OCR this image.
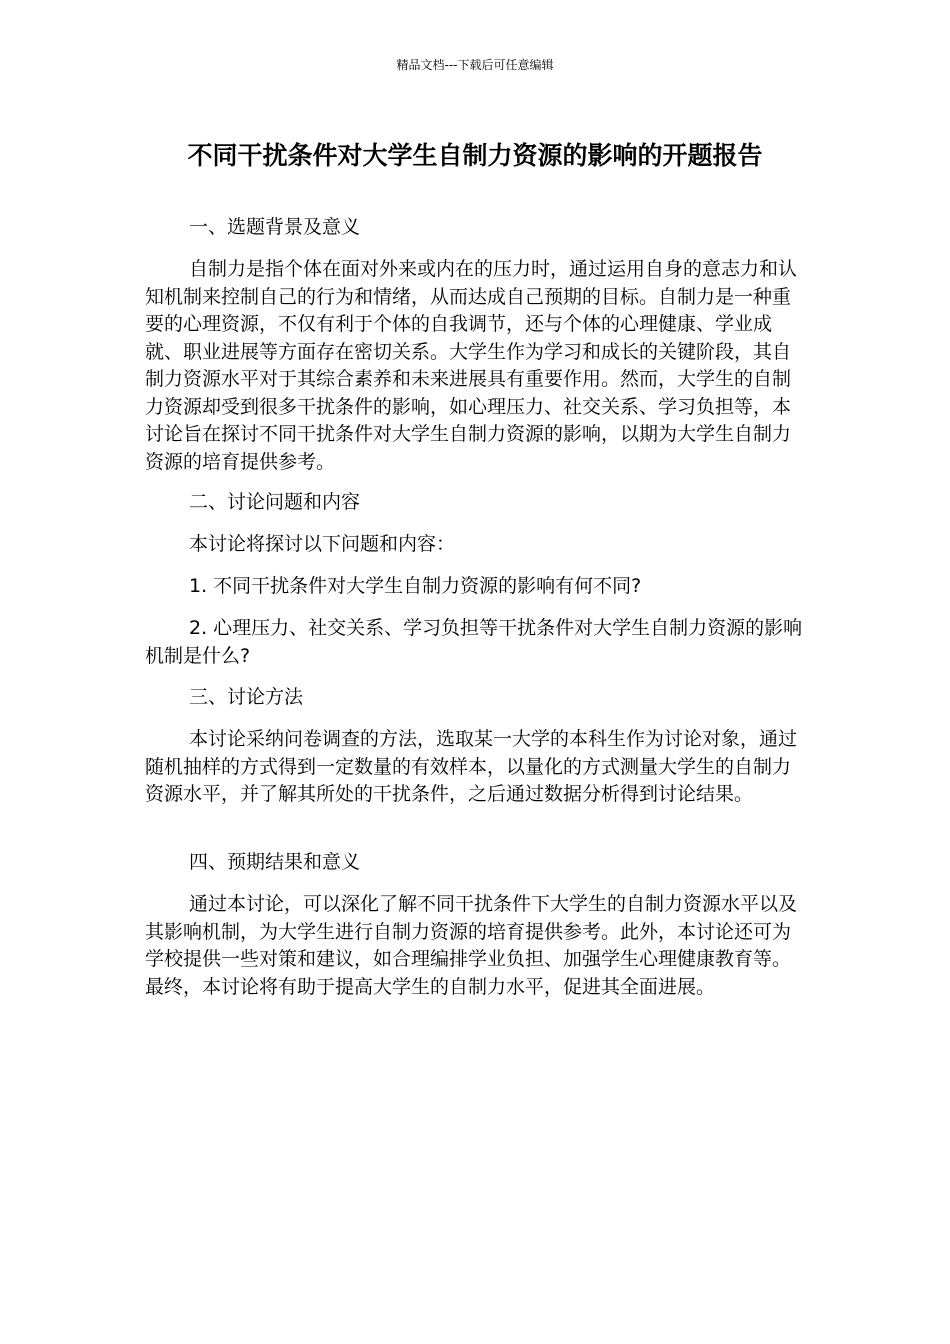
精品文档---下载后可任意编辑
不同干扰条件对大学生自制力资源的影响的开题报告

一、选题背景及意义

自制力是指个体在面对外来或内在的压力时，通过运用自身的意志力和认知机制来控制自己的行为和情绪，从而达成自己预期的目标。自制力是一种重要的心理资源，不仅有利于个体的自我调节，还与个体的心理健康、学业成就、职业进展等方面存在密切关系。大学生作为学习和成长的关键阶段，其自制力资源水平对于其综合素养和未来进展具有重要作用。然而，大学生的自制力资源却受到很多干扰条件的影响，如心理压力、社交关系、学习负担等，本讨论旨在探讨不同干扰条件对大学生自制力资源的影响，以期为大学生自制力资源的培育提供参考。

二、讨论问题和内容

本讨论将探讨以下问题和内容：

1. 不同干扰条件对大学生自制力资源的影响有何不同?

2. 心理压力、社交关系、学习负担等干扰条件对大学生自制力资源的影响机制是什么?

三、讨论方法

本讨论采纳问卷调查的方法，选取某一大学的本科生作为讨论对象，通过随机抽样的方式得到一定数量的有效样本，以量化的方式测量大学生的自制力资源水平，并了解其所处的干扰条件，之后通过数据分析得到讨论结果。

四、预期结果和意义

通过本讨论，可以深化了解不同干扰条件下大学生的自制力资源水平以及其影响机制，为大学生进行自制力资源的培育提供参考。此外，本讨论还可为学校提供一些对策和建议，如合理编排学业负担、加强学生心理健康教育等。最终，本讨论将有助于提高大学生的自制力水平，促进其全面进展。
